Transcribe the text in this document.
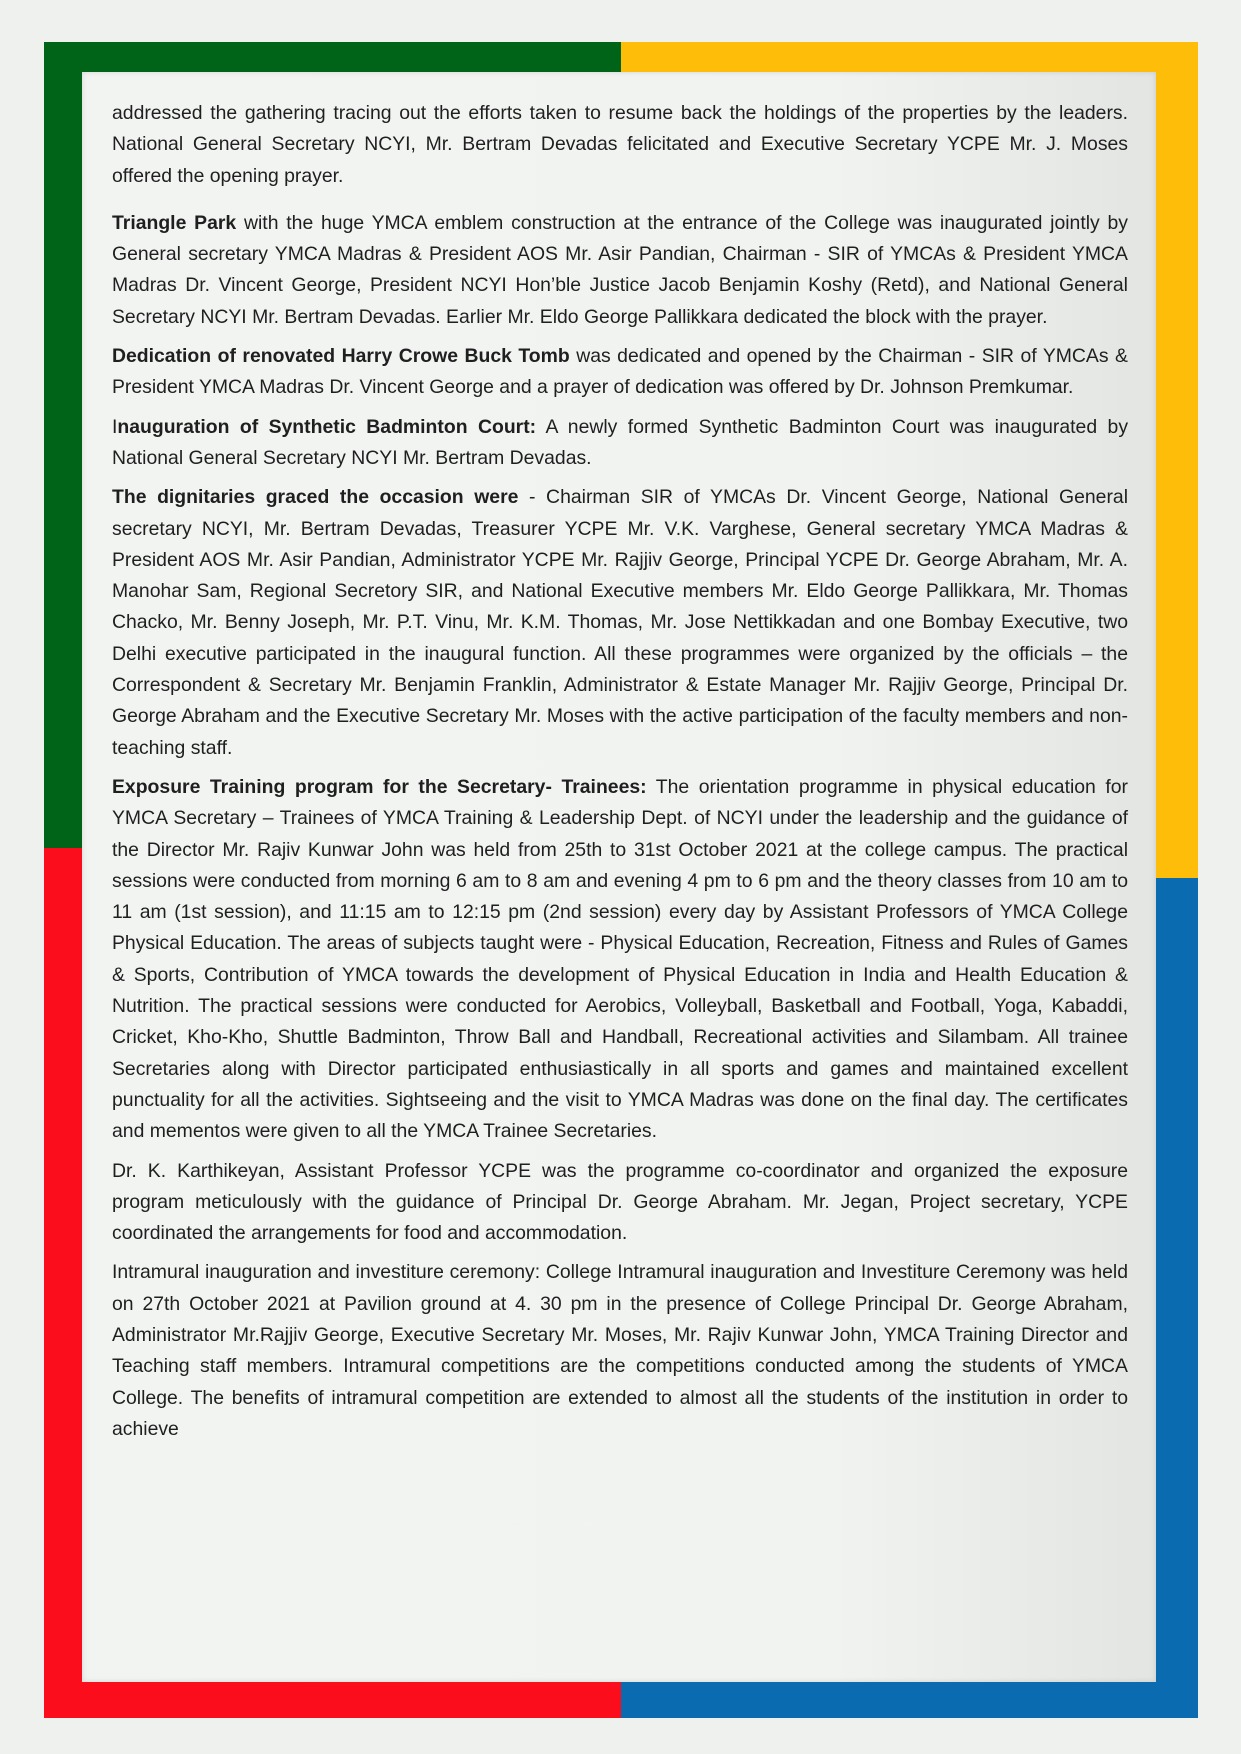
addressed the gathering tracing out the efforts taken to resume back the holdings of the properties by the leaders. National General Secretary NCYI, Mr. Bertram Devadas felicitated and Executive Secretary YCPE Mr. J. Moses offered the opening prayer.

Triangle Park with the huge YMCA emblem construction at the entrance of the College was inaugurated jointly by General secretary YMCA Madras & President AOS Mr. Asir Pandian, Chairman - SIR of YMCAs & President YMCA Madras Dr. Vincent George, President NCYI Hon’ble Justice Jacob Benjamin Koshy (Retd), and National General Secretary NCYI Mr. Bertram Devadas. Earlier Mr. Eldo George Pallikkara dedicated the block with the prayer.

Dedication of renovated Harry Crowe Buck Tomb was dedicated and opened by the Chairman - SIR of YMCAs & President YMCA Madras Dr. Vincent George and a prayer of dedication was offered by Dr. Johnson Premkumar.

Inauguration of Synthetic Badminton Court: A newly formed Synthetic Badminton Court was inaugurated by National General Secretary NCYI Mr. Bertram Devadas.

The dignitaries graced the occasion were - Chairman SIR of YMCAs Dr. Vincent George, National General secretary NCYI, Mr. Bertram Devadas, Treasurer YCPE Mr. V.K. Varghese, General secretary YMCA Madras & President AOS Mr. Asir Pandian, Administrator YCPE Mr. Rajjiv George, Principal YCPE Dr. George Abraham, Mr. A. Manohar Sam, Regional Secretory SIR, and National Executive members Mr. Eldo George Pallikkara, Mr. Thomas Chacko, Mr. Benny Joseph, Mr. P.T. Vinu, Mr. K.M. Thomas, Mr. Jose Nettikkadan and one Bombay Executive, two Delhi executive participated in the inaugural function. All these programmes were organized by the officials – the Correspondent & Secretary Mr. Benjamin Franklin, Administrator & Estate Manager Mr. Rajjiv George, Principal Dr. George Abraham and the Executive Secretary Mr. Moses with the active participation of the faculty members and non-teaching staff.

Exposure Training program for the Secretary- Trainees: The orientation programme in physical education for YMCA Secretary – Trainees of YMCA Training & Leadership Dept. of NCYI under the leadership and the guidance of the Director Mr. Rajiv Kunwar John was held from 25th to 31st October 2021 at the college campus. The practical sessions were conducted from morning 6 am to 8 am and evening 4 pm to 6 pm and the theory classes from 10 am to 11 am (1st session), and 11:15 am to 12:15 pm (2nd session) every day by Assistant Professors of YMCA College Physical Education. The areas of subjects taught were - Physical Education, Recreation, Fitness and Rules of Games & Sports, Contribution of YMCA towards the development of Physical Education in India and Health Education & Nutrition. The practical sessions were conducted for Aerobics, Volleyball, Basketball and Football, Yoga, Kabaddi, Cricket, Kho-Kho, Shuttle Badminton, Throw Ball and Handball, Recreational activities and Silambam. All trainee Secretaries along with Director participated enthusiastically in all sports and games and maintained excellent punctuality for all the activities. Sightseeing and the visit to YMCA Madras was done on the final day. The certificates and mementos were given to all the YMCA Trainee Secretaries.

Dr. K. Karthikeyan, Assistant Professor YCPE was the programme co-coordinator and organized the exposure program meticulously with the guidance of Principal Dr. George Abraham. Mr. Jegan, Project secretary, YCPE coordinated the arrangements for food and accommodation.

Intramural inauguration and investiture ceremony: College Intramural inauguration and Investiture Ceremony was held on 27th October 2021 at Pavilion ground at 4. 30 pm in the presence of College Principal Dr. George Abraham, Administrator Mr.Rajjiv George, Executive Secretary Mr. Moses, Mr. Rajiv Kunwar John, YMCA Training Director and Teaching staff members. Intramural competitions are the competitions conducted among the students of YMCA College. The benefits of intramural competition are extended to almost all the students of the institution in order to achieve
